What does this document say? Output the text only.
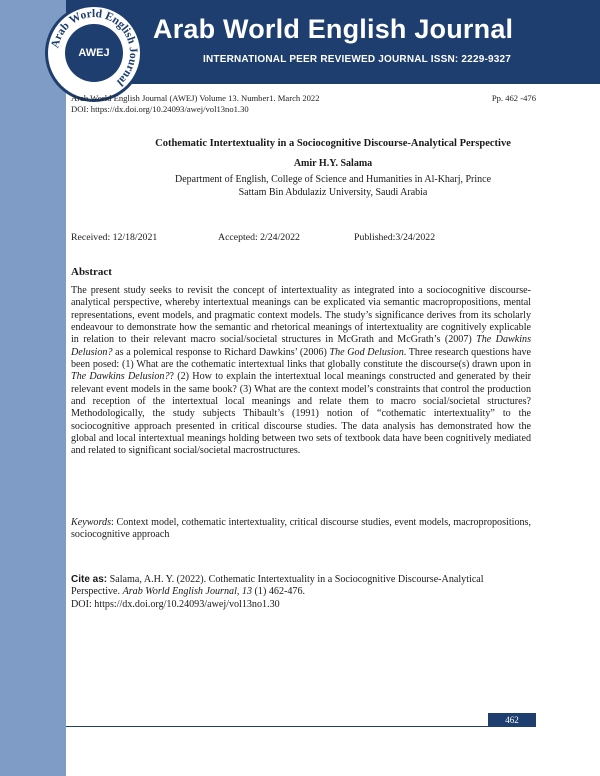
Arab World English Journal
AWEJ
Arab World English Journal
INTERNATIONAL PEER REVIEWED JOURNAL ISSN: 2229-9327
Arab World English Journal (AWEJ) Volume 13. Number1. March 2022	Pp. 462 -476
DOI: https://dx.doi.org/10.24093/awej/vol13no1.30
Cothematic Intertextuality in a Sociocognitive Discourse-Analytical Perspective
Amir H.Y. Salama
Department of English, College of Science and Humanities in Al-Kharj, Prince
Sattam Bin Abdulaziz University, Saudi Arabia
Received: 12/18/2021	Accepted: 2/24/2022	Published:3/24/2022
Abstract
The present study seeks to revisit the concept of intertextuality as integrated into a sociocognitive discourse-analytical perspective, whereby intertextual meanings can be explicated via semantic macropropositions, mental representations, event models, and pragmatic context models. The study’s significance derives from its scholarly endeavour to demonstrate how the semantic and rhetorical meanings of intertextuality are cognitively explicable in relation to their relevant macro social/societal structures in McGrath and McGrath’s (2007) The Dawkins Delusion? as a polemical response to Richard Dawkins’ (2006) The God Delusion. Three research questions have been posed: (1) What are the cothematic intertextual links that globally constitute the discourse(s) drawn upon in The Dawkins Delusion?? (2) How to explain the intertextual local meanings constructed and generated by their relevant event models in the same book? (3) What are the context model’s constraints that control the production and reception of the intertextual local meanings and relate them to macro social/societal structures? Methodologically, the study subjects Thibault’s (1991) notion of “cothematic intertextuality” to the sociocognitive approach presented in critical discourse studies. The data analysis has demonstrated how the global and local intertextual meanings holding between two sets of textbook data have been cognitively mediated and related to significant social/societal macrostructures.
Keywords: Context model, cothematic intertextuality, critical discourse studies, event models, macropropositions, sociocognitive approach
Cite as: Salama, A.H. Y. (2022). Cothematic Intertextuality in a Sociocognitive Discourse-Analytical Perspective. Arab World English Journal, 13 (1) 462-476.
DOI: https://dx.doi.org/10.24093/awej/vol13no1.30
462
